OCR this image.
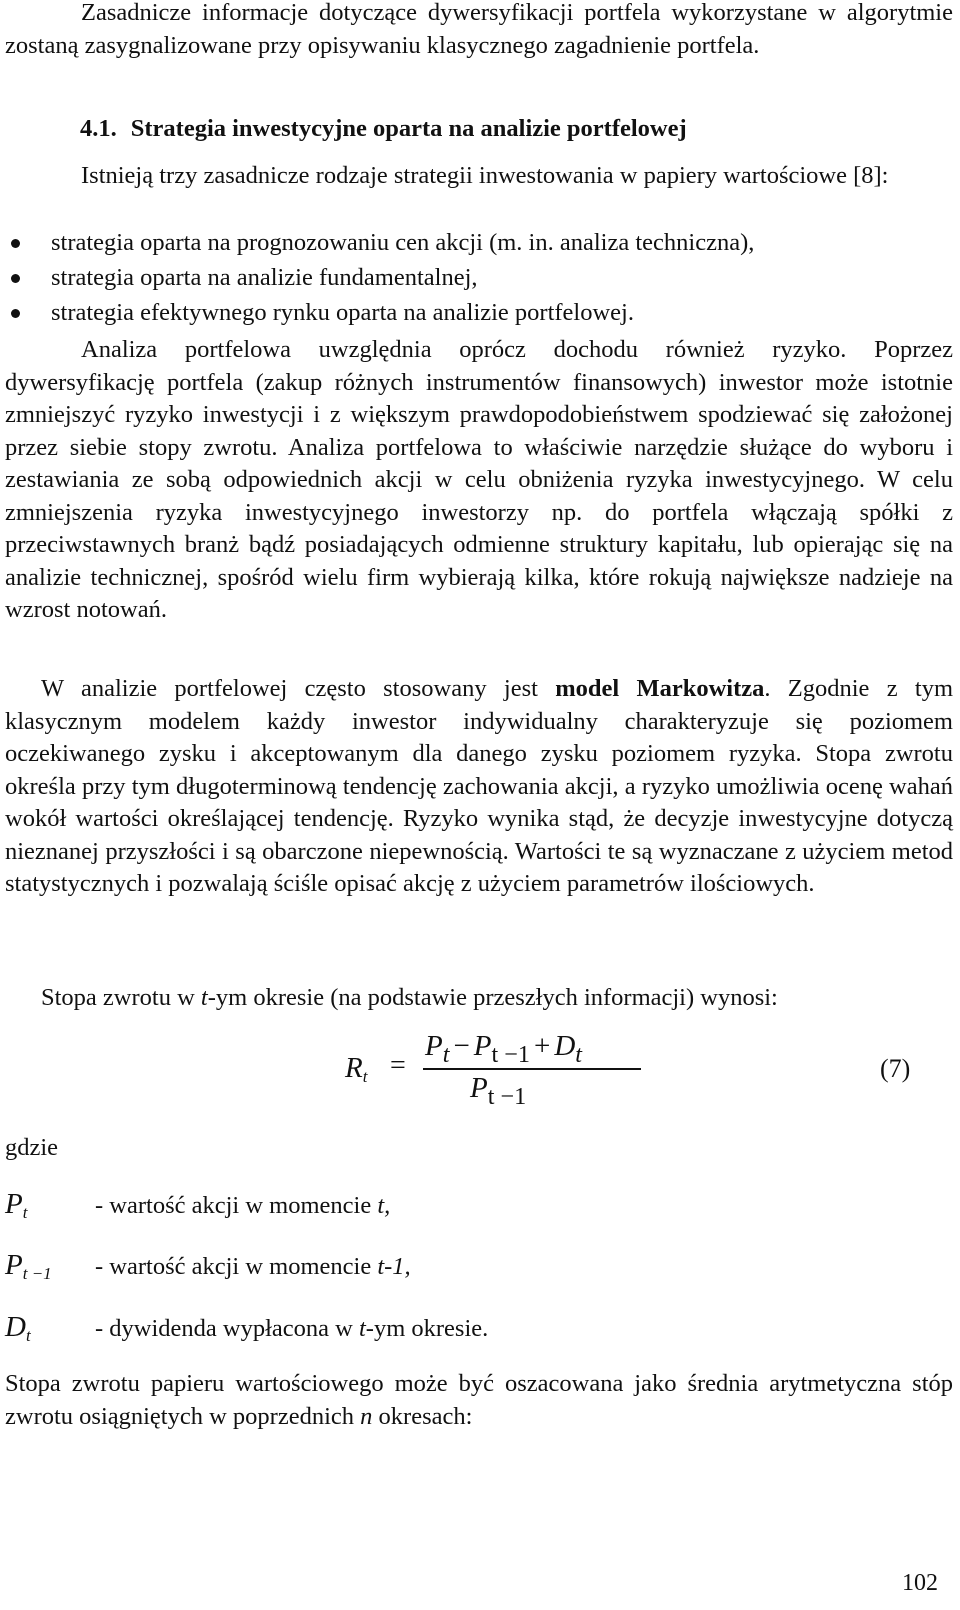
Zasadnicze informacje dotyczące dywersyfikacji portfela wykorzystane w algorytmie zostaną zasygnalizowane przy opisywaniu klasycznego zagadnienie portfela.

4.1. Strategia inwestycyjne oparta na analizie portfelowej

Istnieją trzy zasadnicze rodzaje strategii inwestowania w papiery wartościowe [8]:

strategia oparta na prognozowaniu cen akcji (m. in. analiza techniczna),
strategia oparta na analizie fundamentalnej,
strategia efektywnego rynku oparta na analizie portfelowej.

Analiza portfelowa uwzględnia oprócz dochodu również ryzyko. Poprzez dywersyfikację portfela (zakup różnych instrumentów finansowych) inwestor może istotnie zmniejszyć ryzyko inwestycji i z większym prawdopodobieństwem spodziewać się założonej przez siebie stopy zwrotu. Analiza portfelowa to właściwie narzędzie służące do wyboru i zestawiania ze sobą odpowiednich akcji w celu obniżenia ryzyka inwestycyjnego. W celu zmniejszenia ryzyka inwestycyjnego inwestorzy np. do portfela włączają spółki z przeciwstawnych branż bądź posiadających odmienne struktury kapitału, lub opierając się na analizie technicznej, spośród wielu firm wybierają kilka, które rokują największe nadzieje na wzrost notowań.

W analizie portfelowej często stosowany jest model Markowitza. Zgodnie z tym klasycznym modelem każdy inwestor indywidualny charakteryzuje się poziomem oczekiwanego zysku i akceptowanym dla danego zysku poziomem ryzyka. Stopa zwrotu określa przy tym długoterminową tendencję zachowania akcji, a ryzyko umożliwia ocenę wahań wokół wartości określającej tendencję. Ryzyko wynika stąd, że decyzje inwestycyjne dotyczą nieznanej przyszłości i są obarczone niepewnością. Wartości te są wyznaczane z użyciem metod statystycznych i pozwalają ściśle opisać akcję z użyciem parametrów ilościowych.

Stopa zwrotu w t-ym okresie (na podstawie przeszłych informacji) wynosi:

$R_t$ =
$P_t - P_{t -1} + D_t$
$P_{t -1}$
(7)
gdzie
$P_t$	- wartość akcji w momencie t,
$P_{t -1}$ - wartość akcji w momencie t-1,
$D_t$	- dywidenda wypłacona w t-ym okresie.

Stopa zwrotu papieru wartościowego może być oszacowana jako średnia arytmetyczna stóp zwrotu osiągniętych w poprzednich n okresach:

102
